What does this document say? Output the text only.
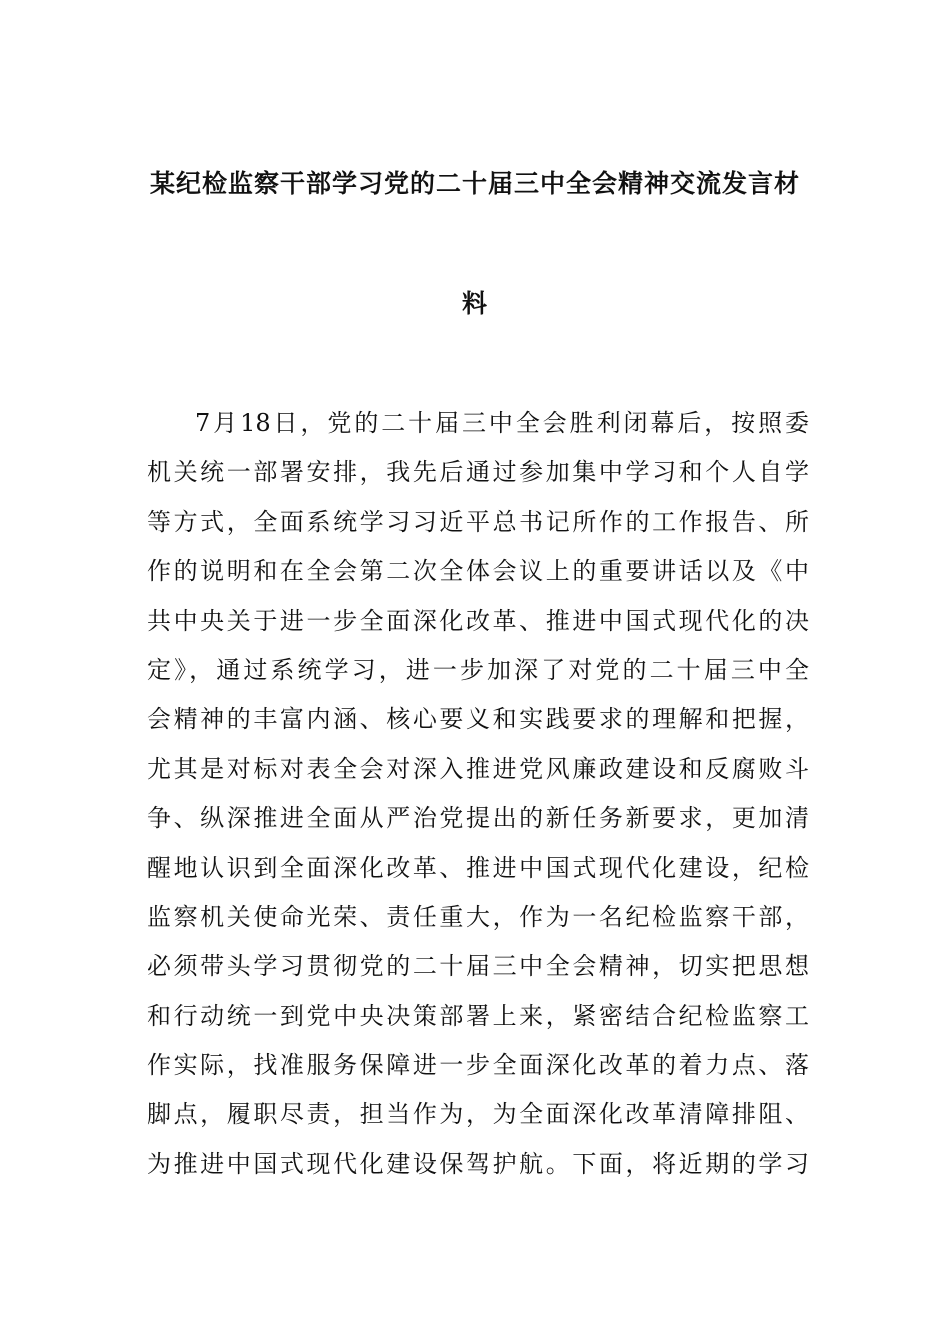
某纪检监察干部学习党的二十届三中全会精神交流发言材
料
7月18日，党的二十届三中全会胜利闭幕后，按照委
机关统一部署安排，我先后通过参加集中学习和个人自学
等方式，全面系统学习习近平总书记所作的工作报告、所
作的说明和在全会第二次全体会议上的重要讲话以及《中
共中央关于进一步全面深化改革、推进中国式现代化的决
定》，通过系统学习，进一步加深了对党的二十届三中全
会精神的丰富内涵、核心要义和实践要求的理解和把握，
尤其是对标对表全会对深入推进党风廉政建设和反腐败斗
争、纵深推进全面从严治党提出的新任务新要求，更加清
醒地认识到全面深化改革、推进中国式现代化建设，纪检
监察机关使命光荣、责任重大，作为一名纪检监察干部，
必须带头学习贯彻党的二十届三中全会精神，切实把思想
和行动统一到党中央决策部署上来，紧密结合纪检监察工
作实际，找准服务保障进一步全面深化改革的着力点、落
脚点，履职尽责，担当作为，为全面深化改革清障排阻、
为推进中国式现代化建设保驾护航。下面，将近期的学习
